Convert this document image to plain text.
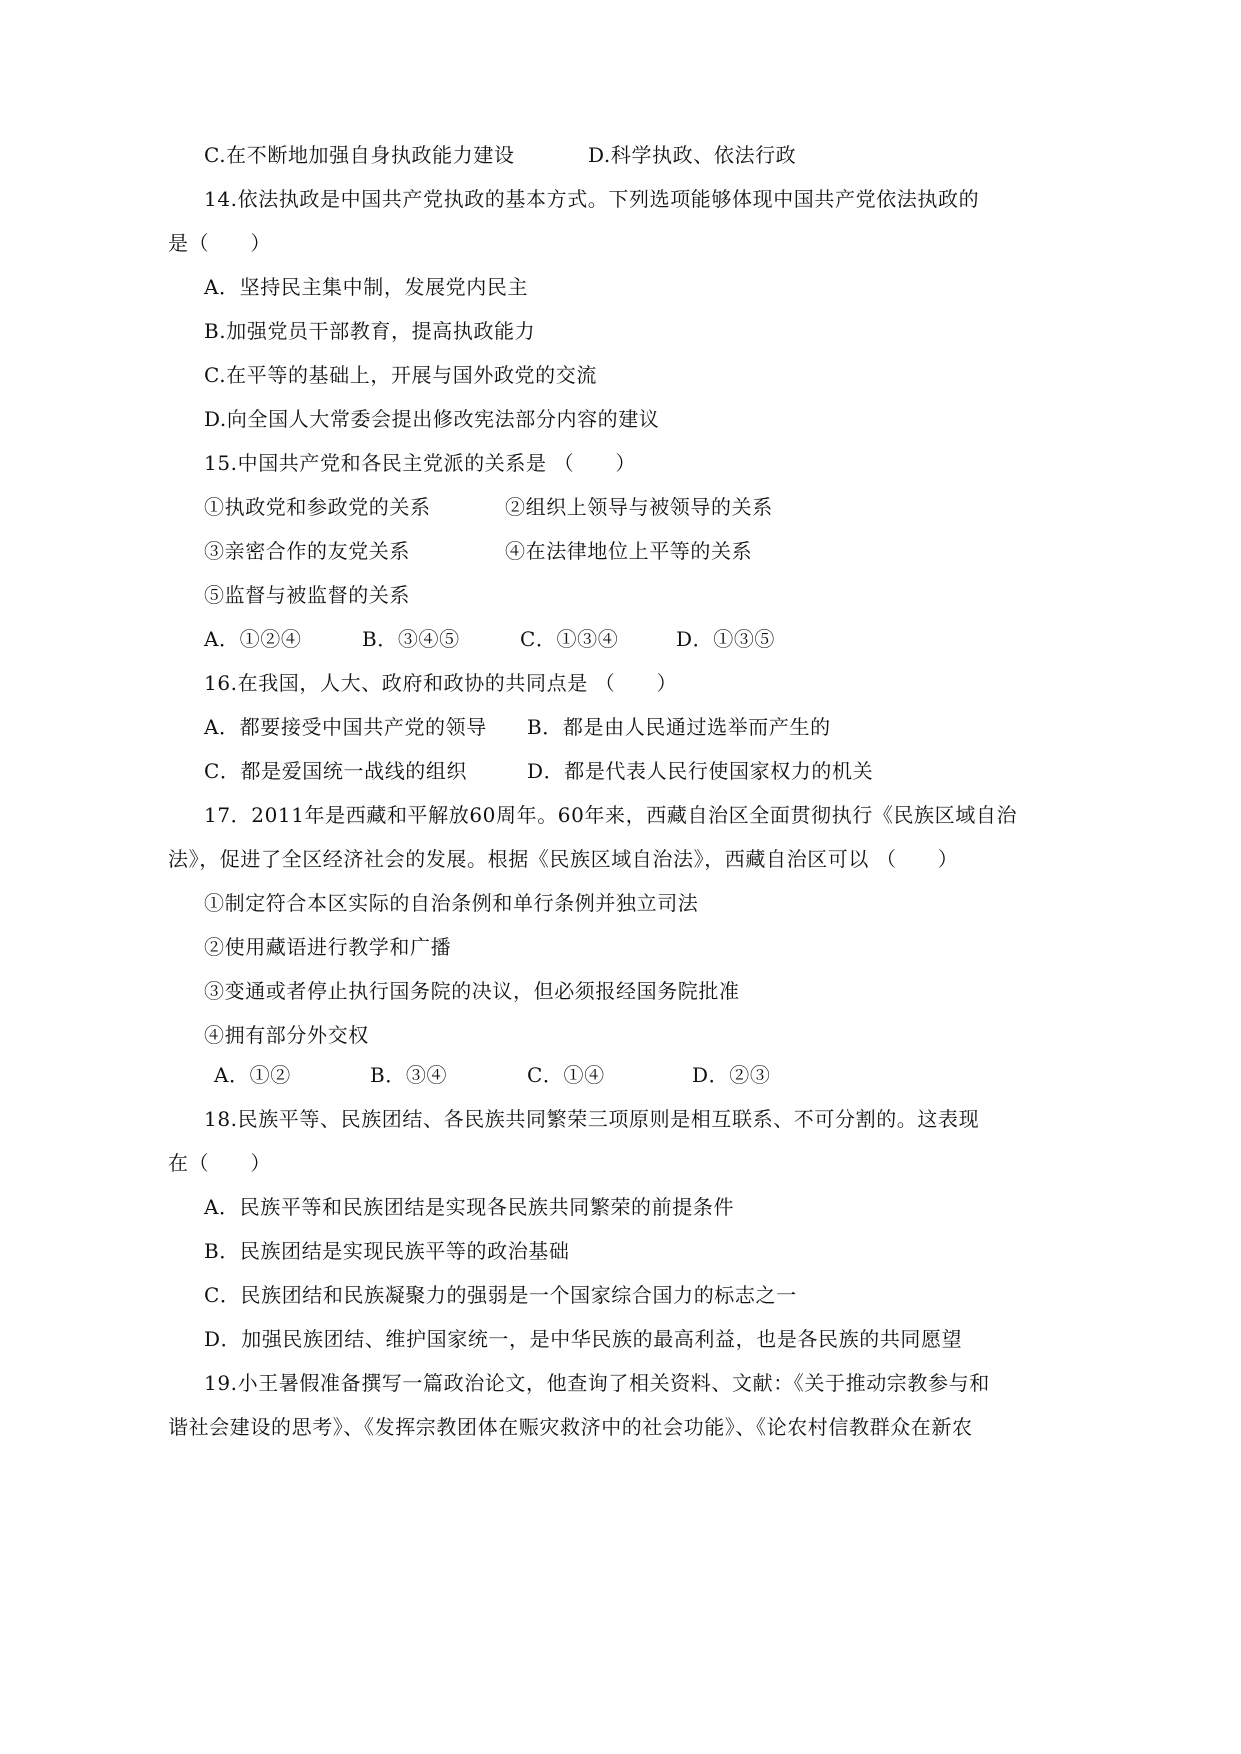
C.在不断地加强自身执政能力建设	D.科学执政、依法行政
14.依法执政是中国共产党执政的基本方式。下列选项能够体现中国共产党依法执政的
是（　　）
A．坚持民主集中制，发展党内民主
B.加强党员干部教育，提高执政能力
C.在平等的基础上，开展与国外政党的交流
D.向全国人大常委会提出修改宪法部分内容的建议
15.中国共产党和各民主党派的关系是 （　　）
①执政党和参政党的关系	②组织上领导与被领导的关系
③亲密合作的友党关系	④在法律地位上平等的关系
⑤监督与被监督的关系
A．①②④	B．③④⑤	C．①③④	D．①③⑤
16.在我国，人大、政府和政协的共同点是 （　　）
A．都要接受中国共产党的领导 B．都是由人民通过选举而产生的
C．都是爱国统一战线的组织	D．都是代表人民行使国家权力的机关
17．2011年是西藏和平解放60周年。60年来，西藏自治区全面贯彻执行《民族区域自治
法》，促进了全区经济社会的发展。根据《民族区域自治法》，西藏自治区可以 （　　）
①制定符合本区实际的自治条例和单行条例并独立司法
②使用藏语进行教学和广播
③变通或者停止执行国务院的决议，但必须报经国务院批准
④拥有部分外交权
A．①②	B．③④	C．①④	D．②③
18.民族平等、民族团结、各民族共同繁荣三项原则是相互联系、不可分割的。这表现
在（　　）
A．民族平等和民族团结是实现各民族共同繁荣的前提条件
B．民族团结是实现民族平等的政治基础
C．民族团结和民族凝聚力的强弱是一个国家综合国力的标志之一
D．加强民族团结、维护国家统一，是中华民族的最高利益，也是各民族的共同愿望
19.小王暑假准备撰写一篇政治论文，他查询了相关资料、文献：《关于推动宗教参与和
谐社会建设的思考》、《发挥宗教团体在赈灾救济中的社会功能》、《论农村信教群众在新农
